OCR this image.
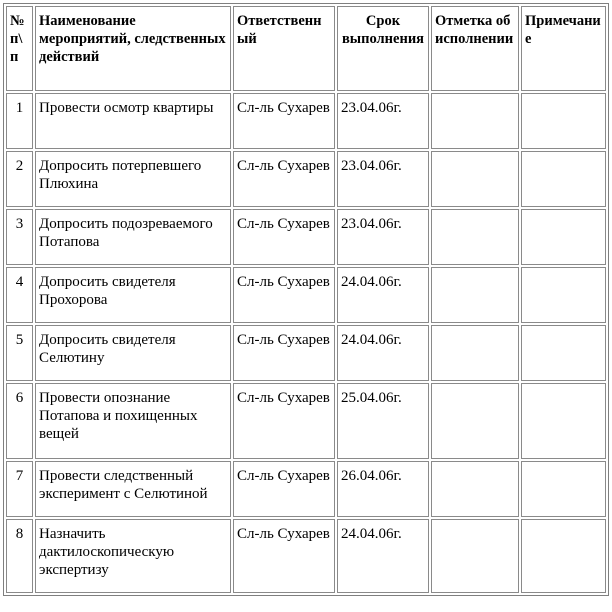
№ п\ п	Наименование мероприятий, следственных действий	Ответственный	Срок выполнения	Отметка об исполнении	Примечание
1	Провести осмотр квартиры	Сл-ль Сухарев	23.04.06г.		
2	Допросить потерпевшего Плюхина	Сл-ль Сухарев	23.04.06г.		
3	Допросить подозреваемого Потапова	Сл-ль Сухарев	23.04.06г.		
4	Допросить свидетеля Прохорова	Сл-ль Сухарев	24.04.06г.		
5	Допросить свидетеля Селютину	Сл-ль Сухарев	24.04.06г.		
6	Провести опознание Потапова и похищенных вещей	Сл-ль Сухарев	25.04.06г.		
7	Провести следственный эксперимент с Селютиной	Сл-ль Сухарев	26.04.06г.		
8	Назначить дактилоскопическую экспертизу	Сл-ль Сухарев	24.04.06г.		
